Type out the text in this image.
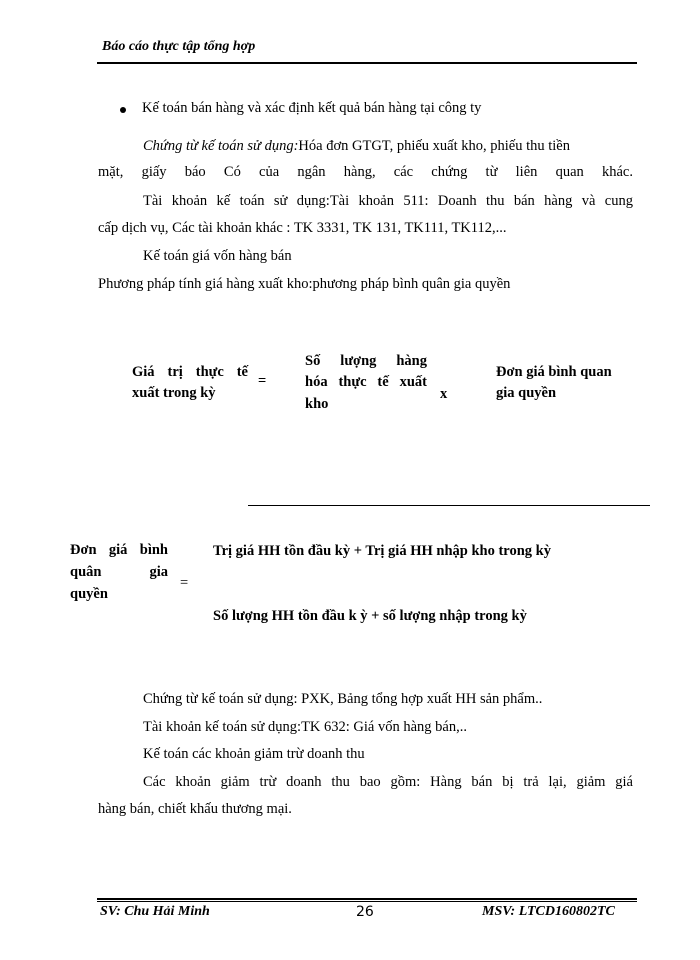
Báo cáo thực tập tổng hợp
Kế toán bán hàng và xác định kết quả bán hàng tại công ty
Chứng từ kế toán sử dụng:Hóa đơn GTGT, phiếu xuất kho, phiếu thu tiền
mặt, giấy báo Có của ngân hàng, các chứng từ liên quan khác.
Tài khoản kế toán sử dụng:Tài khoản 511: Doanh thu bán hàng và cung
cấp dịch vụ, Các tài khoản khác : TK 3331, TK 131, TK111, TK112,...
Kế toán giá vốn hàng bán
Phương pháp tính giá hàng xuất kho:phương pháp bình quân gia quyền
Giá trị thực tế
xuất trong kỳ
=
Số lượng hàng
hóa thực tế xuất
kho
x
Đơn giá bình quan
gia quyền
Đơn giá bình
quân gia
quyền
=
Trị giá HH tồn đầu kỳ + Trị giá HH nhập kho trong kỳ
Số lượng HH tồn đầu k ỳ + số lượng nhập trong kỳ
Chứng từ kế toán sử dụng: PXK, Bảng tổng hợp xuất HH sản phẩm..
Tài khoản kế toán sử dụng:TK 632: Giá vốn hàng bán,..
Kế toán các khoản giảm trừ doanh thu
Các khoản giảm trừ doanh thu bao gồm: Hàng bán bị trả lại, giảm giá
hàng bán, chiết khấu thương mại.
SV: Chu Hải Minh	26	MSV: LTCD160802TC
